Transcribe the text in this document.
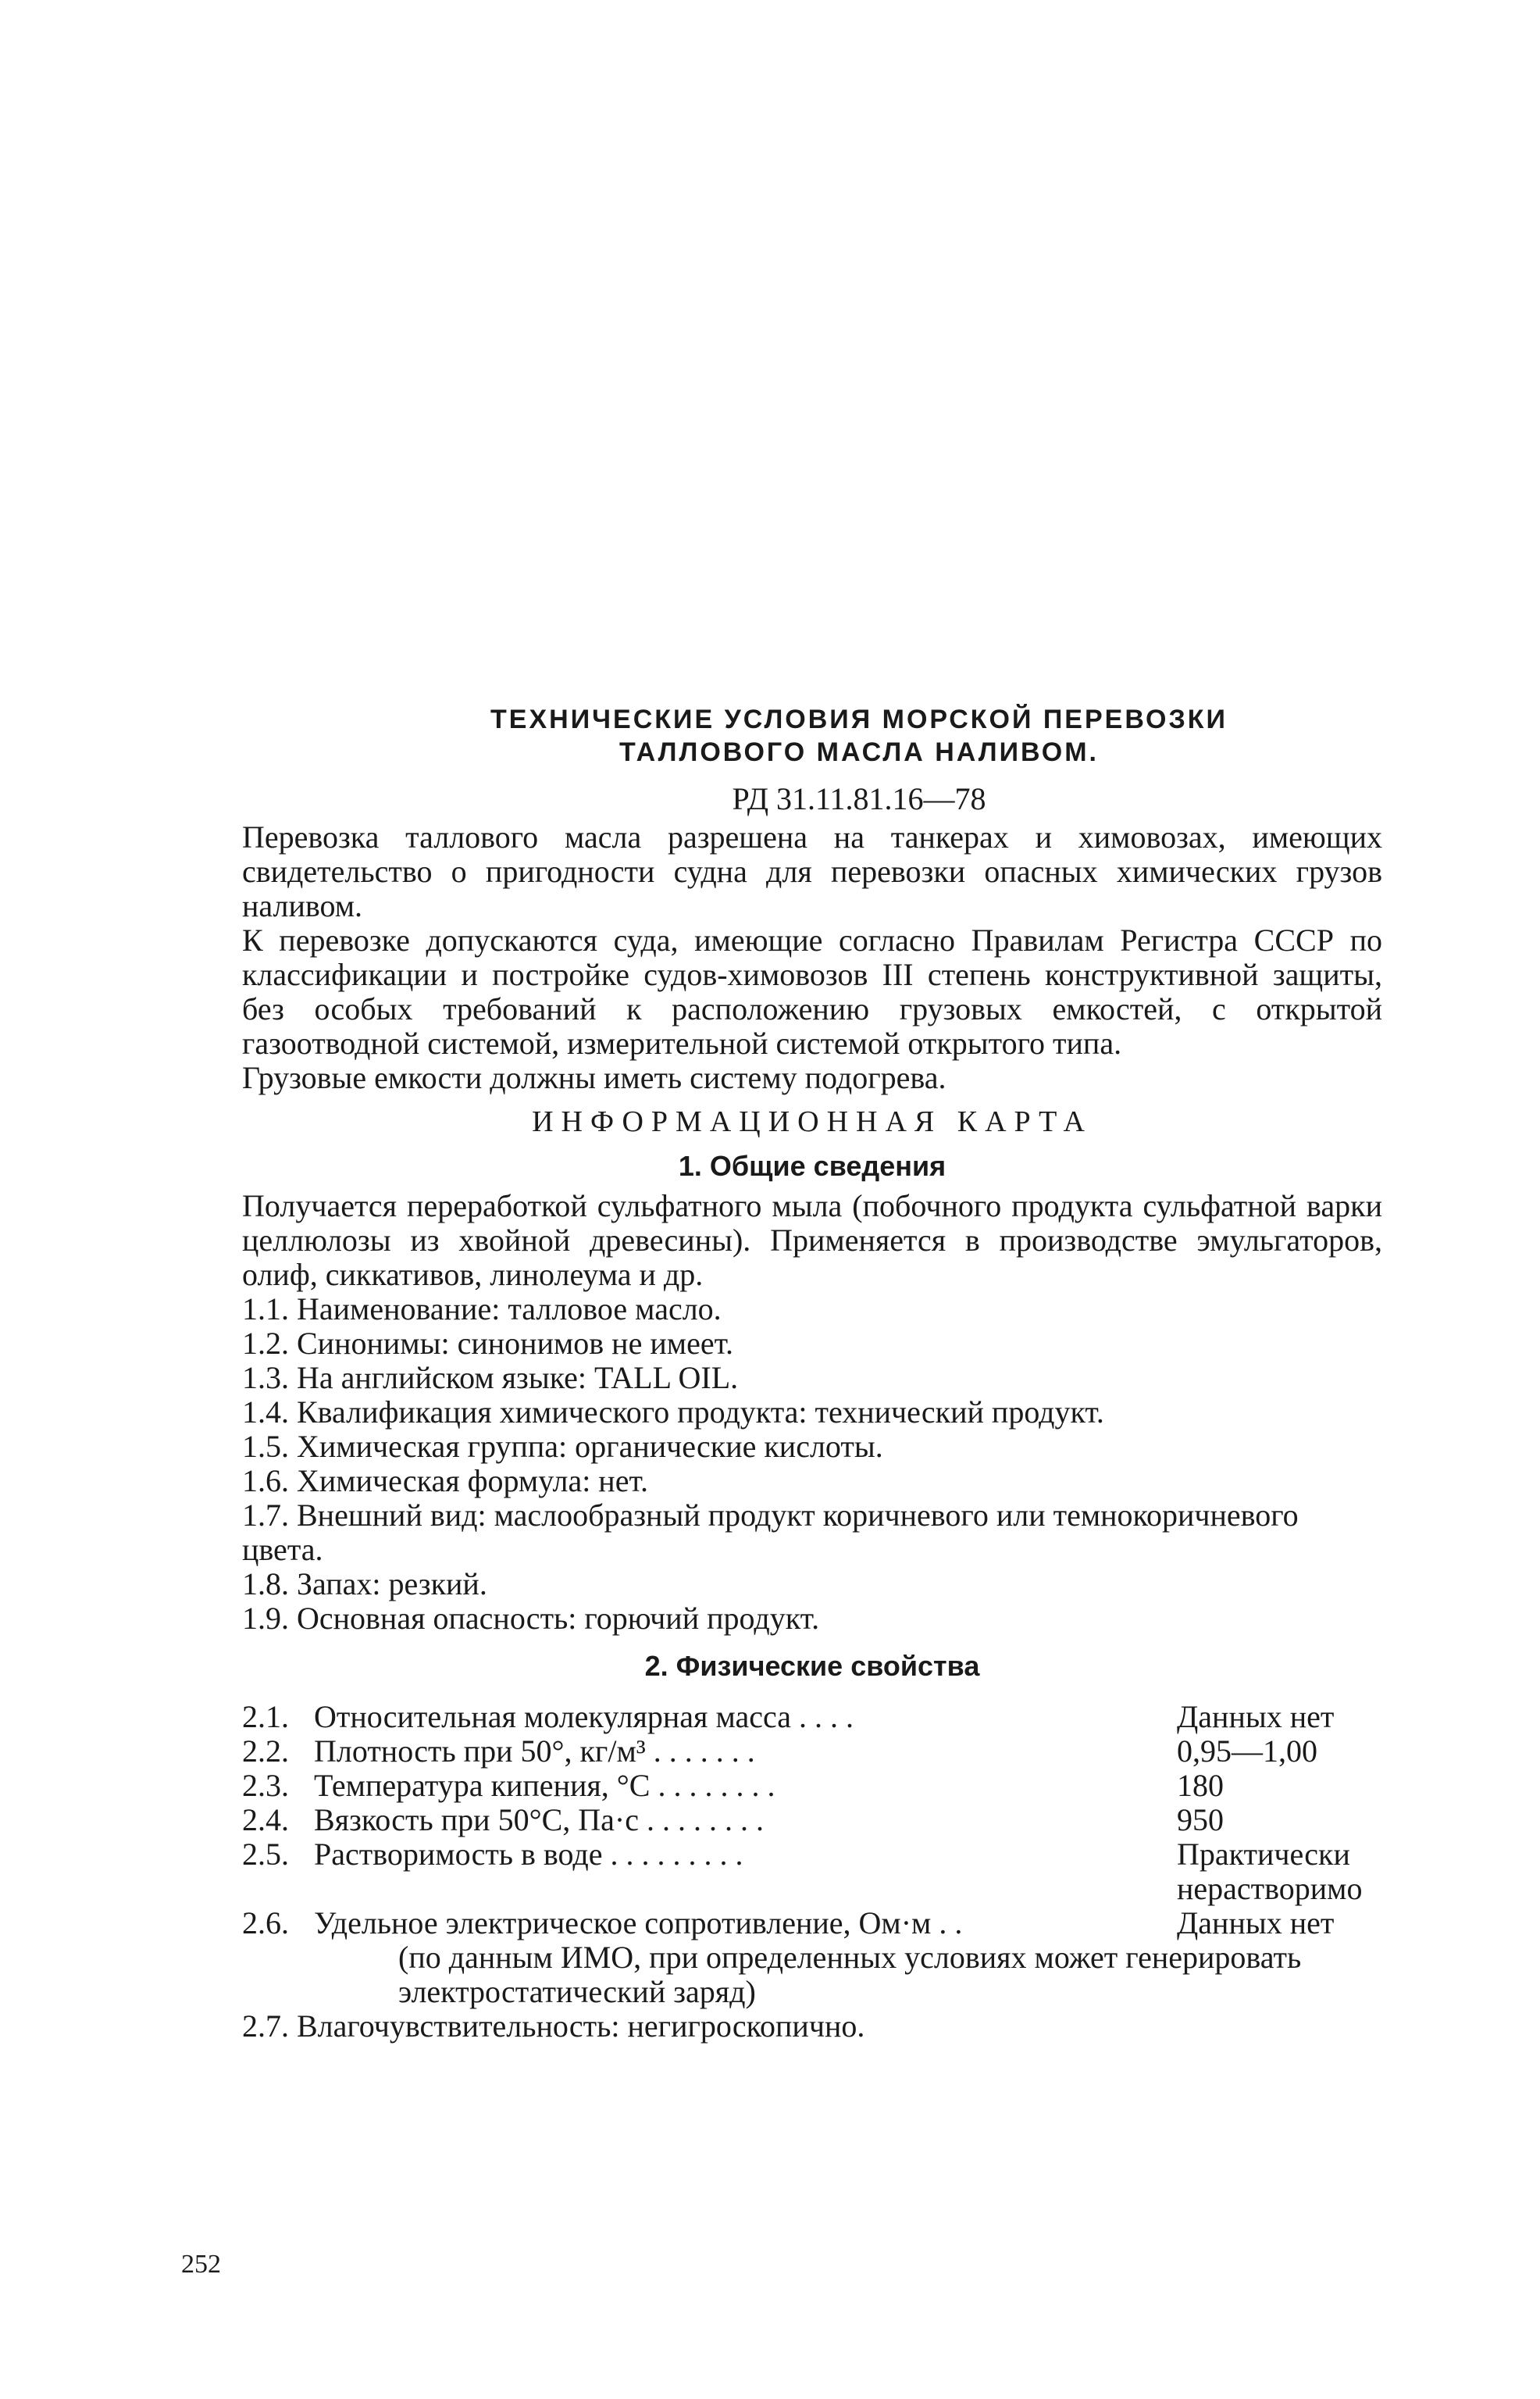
ТЕХНИЧЕСКИЕ УСЛОВИЯ МОРСКОЙ ПЕРЕВОЗКИ
ТАЛЛОВОГО МАСЛА НАЛИВОМ.
РД 31.11.81.16—78

Перевозка таллового масла разрешена на танкерах и химовозах, имеющих свидетельство о пригодности судна для перевозки опасных химических грузов наливом.

К перевозке допускаются суда, имеющие согласно Правилам Регистра СССР по классификации и постройке судов-химовозов III степень конструктивной защиты, без особых требований к расположению грузовых емкостей, с открытой газоотводной системой, измерительной системой открытого типа.

Грузовые емкости должны иметь систему подогрева.

ИНФОРМАЦИОННАЯ КАРТА
1. Общие сведения

Получается переработкой сульфатного мыла (побочного продукта сульфатной варки целлюлозы из хвойной древесины). Применяется в производстве эмульгаторов, олиф, сиккативов, линолеума и др.

1.1. Наименование: талловое масло.
1.2. Синонимы: синонимов не имеет.
1.3. На английском языке: TALL OIL.
1.4. Квалификация химического продукта: технический продукт.
1.5. Химическая группа: органические кислоты.
1.6. Химическая формула: нет.
1.7. Внешний вид: маслообразный продукт коричневого или темнокоричневого цвета.
1.8. Запах: резкий.
1.9. Основная опасность: горючий продукт.
2. Физические свойства
2.1. Относительная молекулярная масса . . . .	Данных нет
2.2. Плотность при 50°, кг/м³ . . . . . . .	0,95—1,00
2.3. Температура кипения, °С . . . . . . . .	180
2.4. Вязкость при 50°С, Па·с . . . . . . . .	950
2.5. Растворимость в воде . . . . . . . . .	Практически нерастворимо
2.6. Удельное электрическое сопротивление, Ом·м . .	Данных нет
(по данным ИМО, при определенных условиях может генерировать электростатический заряд)
2.7. Влагочувствительность: негигроскопично.
252
